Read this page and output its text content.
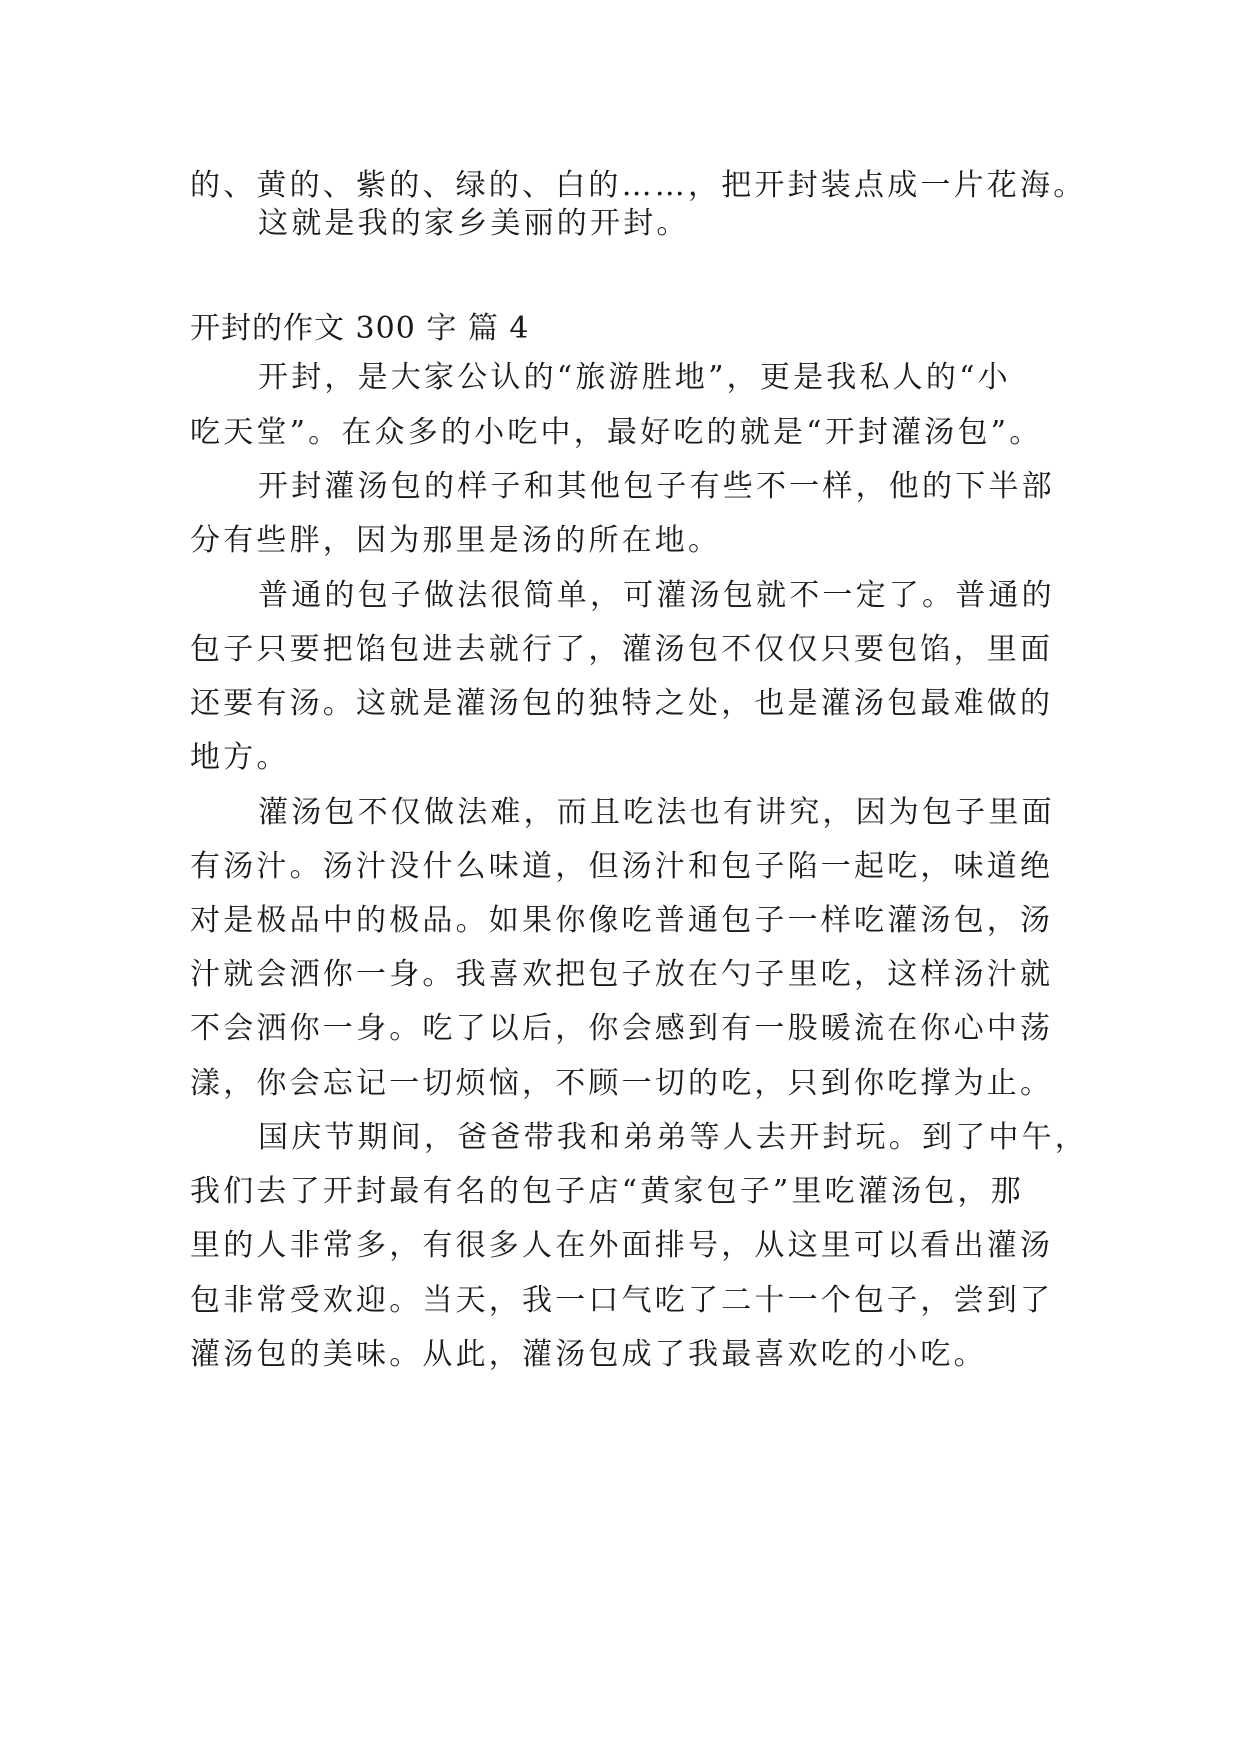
的、黄的、紫的、绿的、白的……，把开封装点成一片花海。
这就是我的家乡美丽的开封。
开封的作文 300 字 篇 4
开封，是大家公认的“旅游胜地”，更是我私人的“小
吃天堂”。在众多的小吃中，最好吃的就是“开封灌汤包”。
开封灌汤包的样子和其他包子有些不一样，他的下半部
分有些胖，因为那里是汤的所在地。
普通的包子做法很简单，可灌汤包就不一定了。普通的
包子只要把馅包进去就行了，灌汤包不仅仅只要包馅，里面
还要有汤。这就是灌汤包的独特之处，也是灌汤包最难做的
地方。
灌汤包不仅做法难，而且吃法也有讲究，因为包子里面
有汤汁。汤汁没什么味道，但汤汁和包子陷一起吃，味道绝
对是极品中的极品。如果你像吃普通包子一样吃灌汤包，汤
汁就会洒你一身。我喜欢把包子放在勺子里吃，这样汤汁就
不会洒你一身。吃了以后，你会感到有一股暖流在你心中荡
漾，你会忘记一切烦恼，不顾一切的吃，只到你吃撑为止。
国庆节期间，爸爸带我和弟弟等人去开封玩。到了中午，
我们去了开封最有名的包子店“黄家包子”里吃灌汤包，那
里的人非常多，有很多人在外面排号，从这里可以看出灌汤
包非常受欢迎。当天，我一口气吃了二十一个包子，尝到了
灌汤包的美味。从此，灌汤包成了我最喜欢吃的小吃。
